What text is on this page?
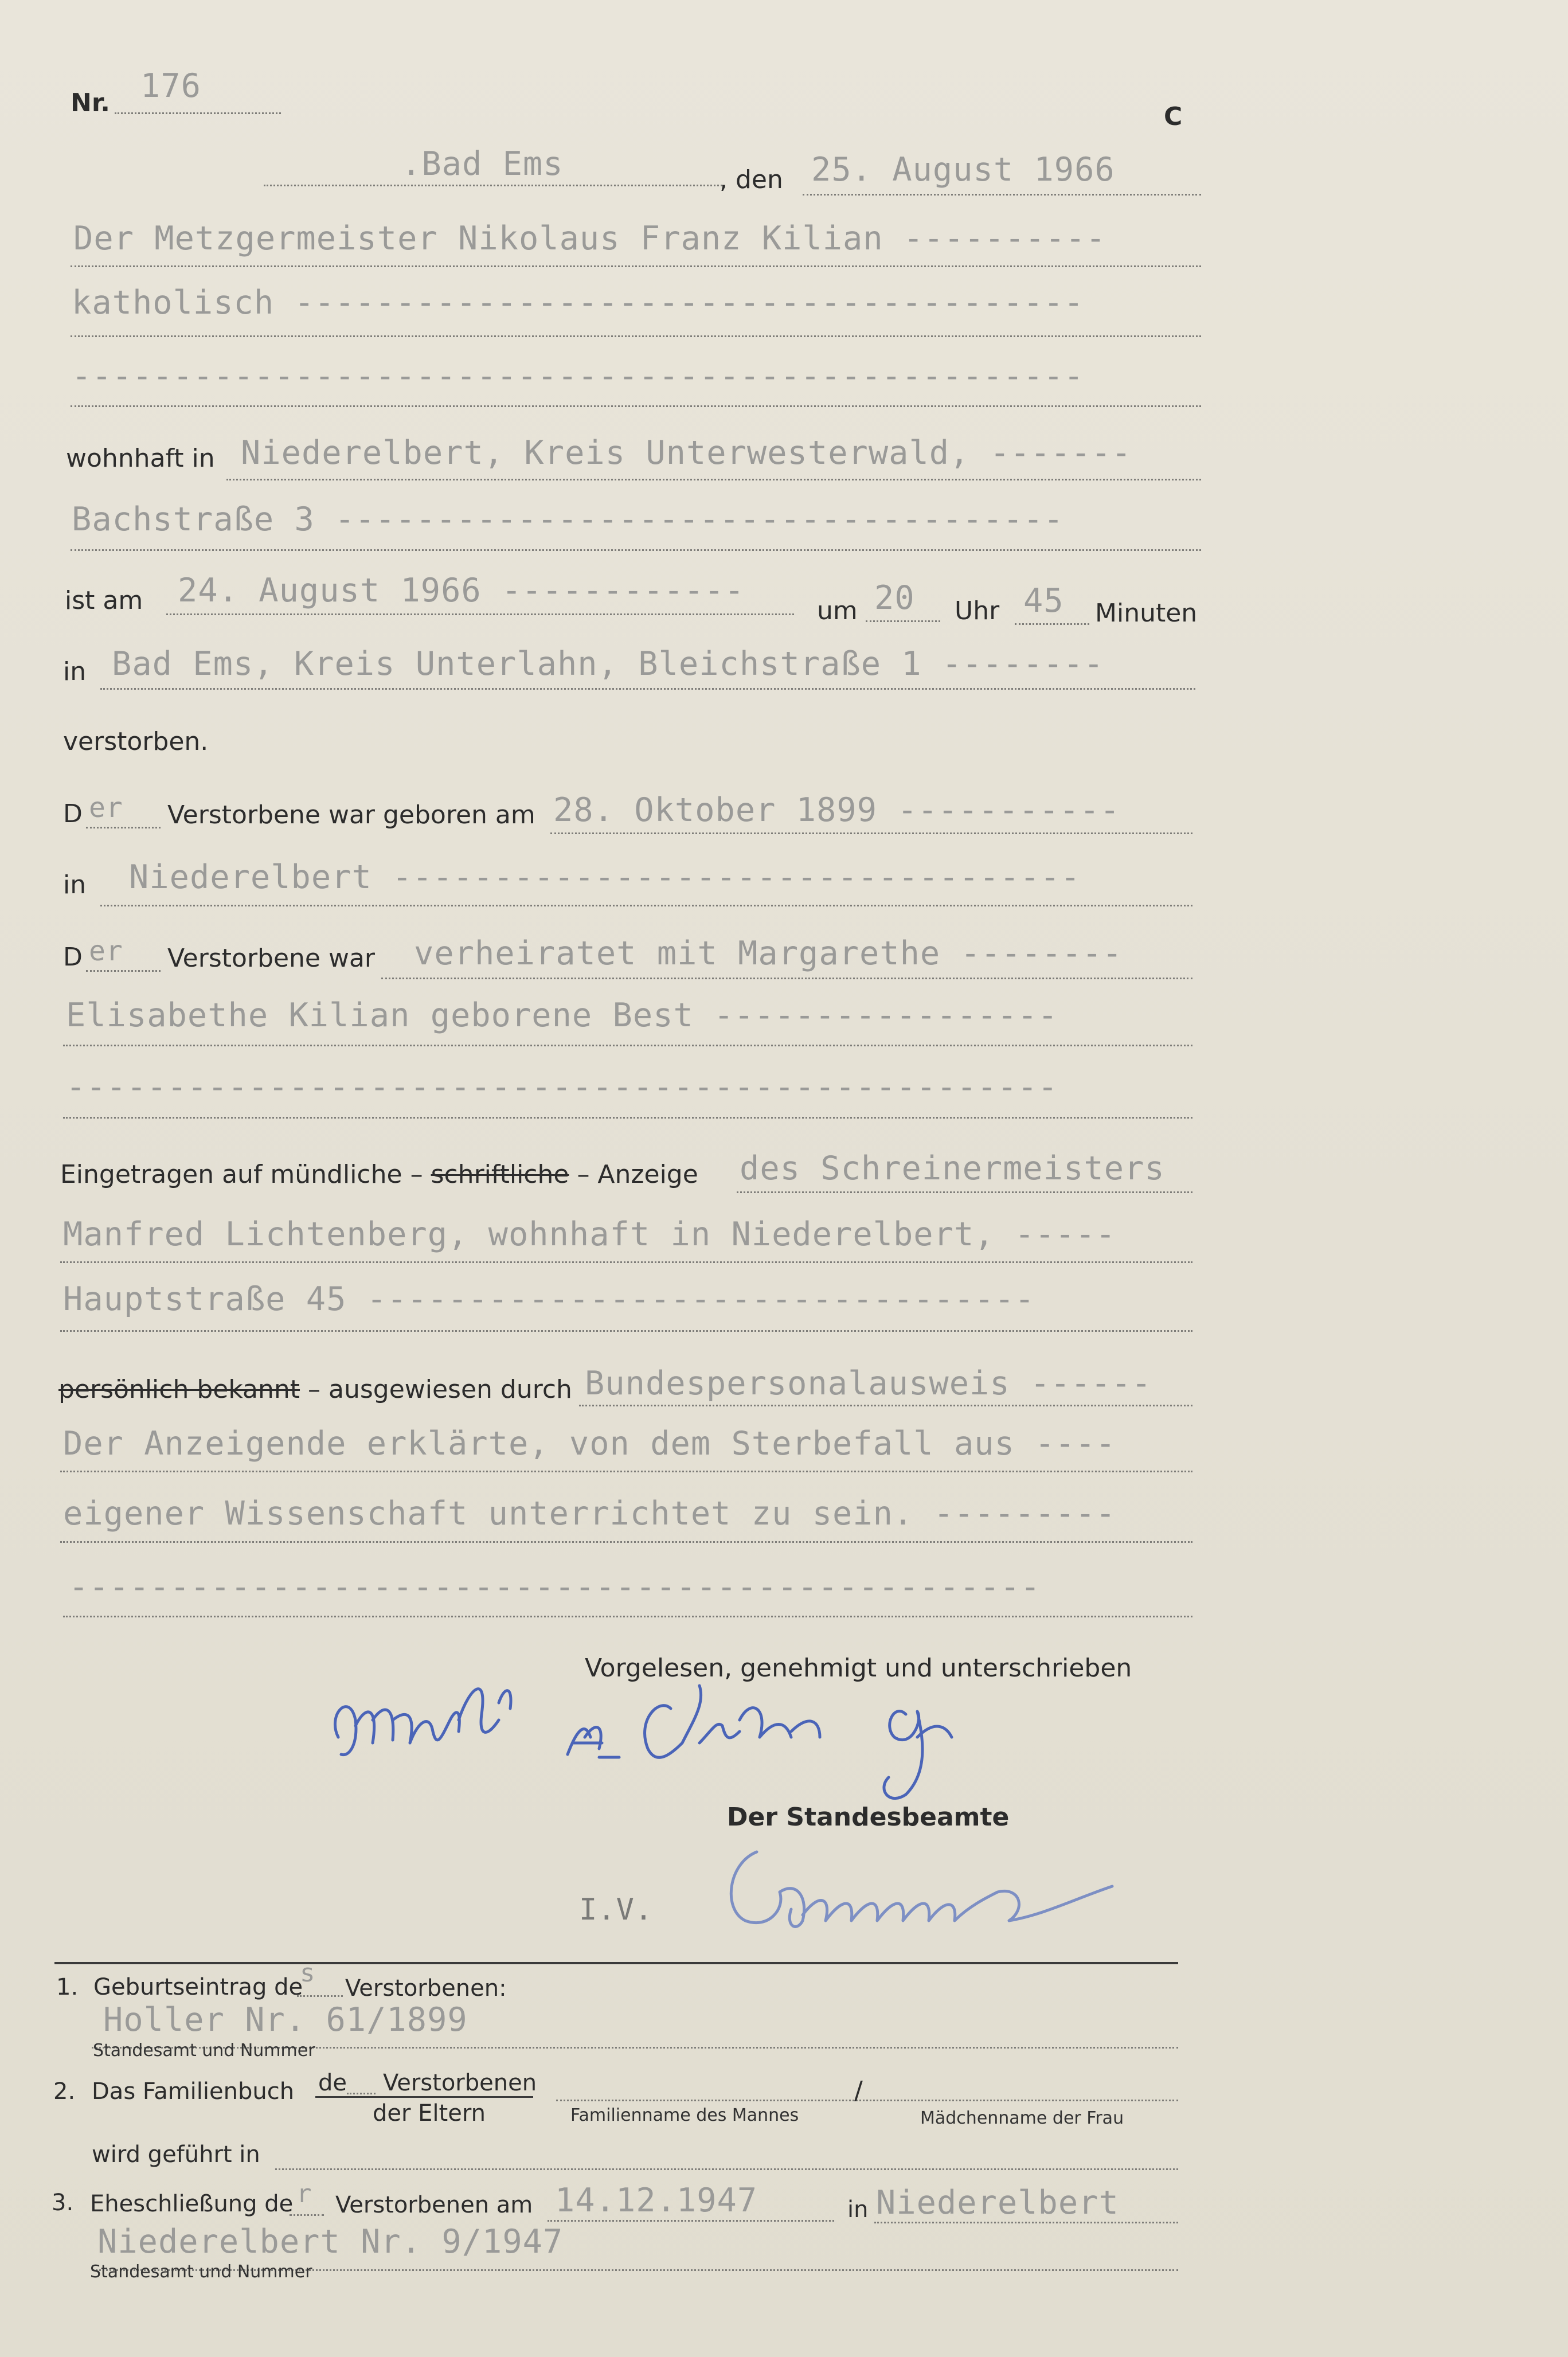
Nr. 176
C
.Bad Ems	, den 25. August 1966
Der Metzgermeister Nikolaus Franz Kilian ----------
katholisch ---------------------------------------
--------------------------------------------------
wohnhaft in Niederelbert, Kreis Unterwesterwald, -------
Bachstraße 3 ------------------------------------
ist am 24. August 1966 ------------
um 20 Uhr 45 Minuten
in Bad Ems, Kreis Unterlahn, Bleichstraße 1 --------
verstorben.
D er Verstorbene war geboren am 28. Oktober 1899 -----------
in Niederelbert ----------------------------------
D er Verstorbene war verheiratet mit Margarethe --------
Elisabethe Kilian geborene Best -----------------
-------------------------------------------------
Eingetragen auf mündliche – schriftliche – Anzeige des Schreinermeisters
Manfred Lichtenberg, wohnhaft in Niederelbert, -----
Hauptstraße 45 ---------------------------------
persönlich bekannt – ausgewiesen durch Bundespersonalausweis ------
Der Anzeigende erklärte, von dem Sterbefall aus ----
eigener Wissenschaft unterrichtet zu sein. ---------
------------------------------------------------
Vorgelesen, genehmigt und unterschrieben
Der Standesbeamte
I.V.
1. Geburtseintrag de
s
Verstorbenen:
Holler Nr. 61/1899
Standesamt und Nummer
2. Das Familienbuch de Verstorbenen
der Eltern
/
Familienname des Mannes	Mädchenname der Frau
wird geführt in
3. Eheschließung de r Verstorbenen am 14.12.1947	in Niederelbert
Niederelbert Nr. 9/1947
Standesamt und Nummer
